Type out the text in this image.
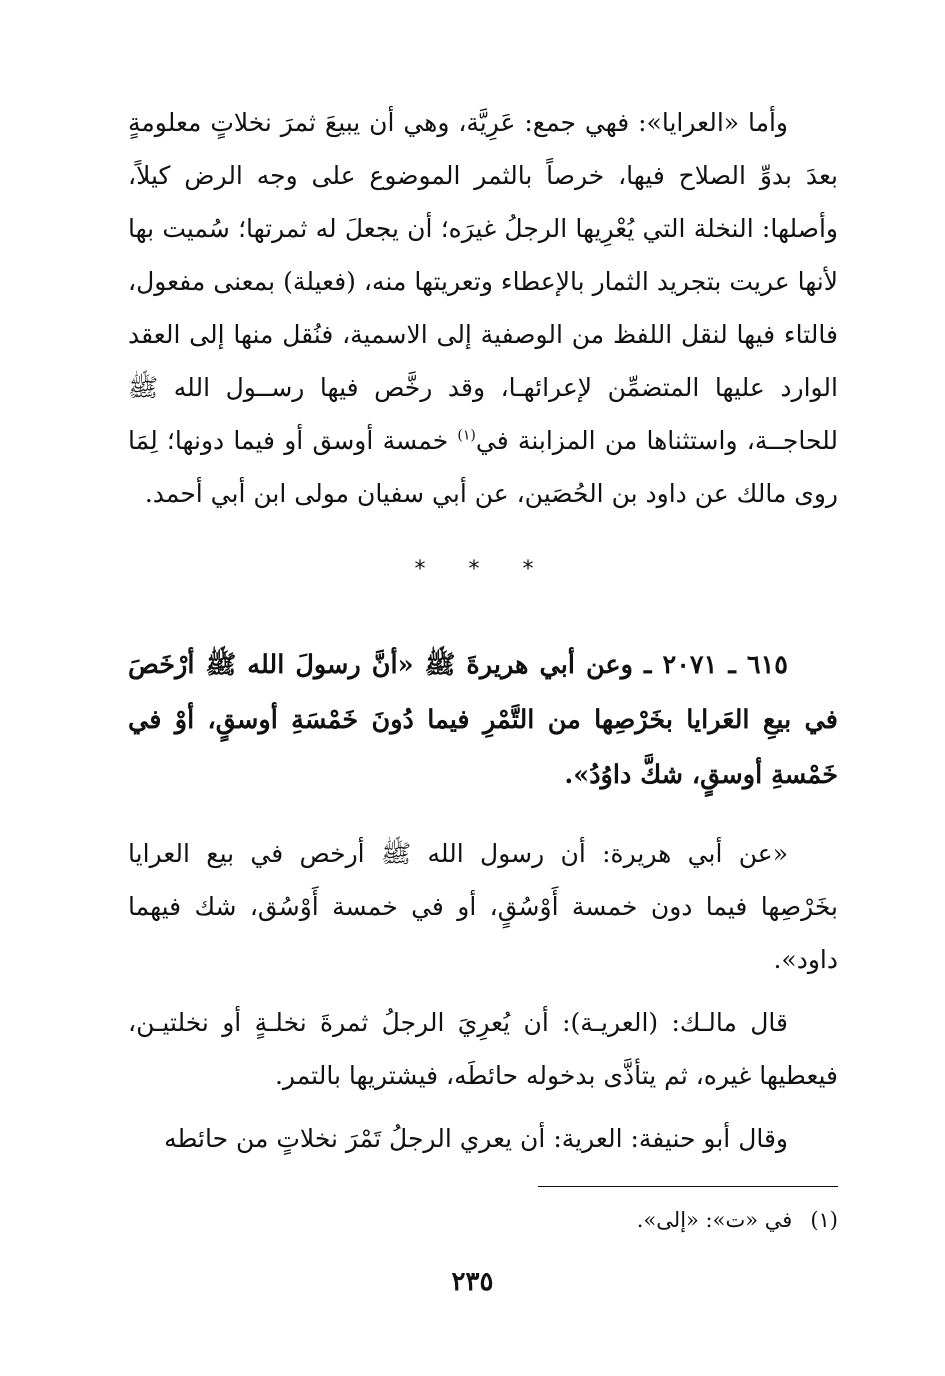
وأما «العرايا»: فهي جمع: عَرِيَّة، وهي أن يبيعَ ثمرَ نخلاتٍ معلومةٍ بعدَ بدوِّ الصلاح فيها، خرصاً بالثمر الموضوع على وجه الرض كيلاً، وأصلها: النخلة التي يُعْرِيها الرجلُ غيرَه؛ أن يجعلَ له ثمرتها؛ سُميت بها لأنها عريت بتجريد الثمار بالإعطاء وتعريتها منه، (فعيلة) بمعنى مفعول، فالتاء فيها لنقل اللفظ من الوصفية إلى الاسمية، فنُقل منها إلى العقد الوارد عليها المتضمِّن لإعرائهـا، وقد رخَّص فيها رســول الله ﷺ للحاجــة، واستثناها من المزابنة في$^{(١)}$ خمسة أوسق أو فيما دونها؛ لِمَا روى مالك عن داود بن الحُصَين، عن أبي سفيان مولى ابن أبي أحمد.

* * *

٦١٥ ـ ٢٠٧١ ـ وعن أبي هريرةَ ﷺ «أنَّ رسولَ الله ﷺ أرْخَصَ في بيعِ العَرايا بخَرْصِها من التَّمْرِ فيما دُونَ خَمْسَةِ أوسقٍ، أوْ في خَمْسةِ أوسقٍ، شكَّ داوُدُ».

«عن أبي هريرة: أن رسول الله ﷺ أرخص في بيع العرايا بخَرْصِها فيما دون خمسة أَوْسُقٍ، أو في خمسة أَوْسُق، شك فيهما داود».

قال مالـك: (العريـة): أن يُعرِيَ الرجلُ ثمرةَ نخلـةٍ أو نخلتيـن، فيعطيها غيره، ثم يتأذَّى بدخوله حائطَه، فيشتريها بالتمر.

وقال أبو حنيفة: العرية: أن يعري الرجلُ تَمْرَ نخلاتٍ من حائطه

(١)في «ت»: «إلى».
٢٣٥
